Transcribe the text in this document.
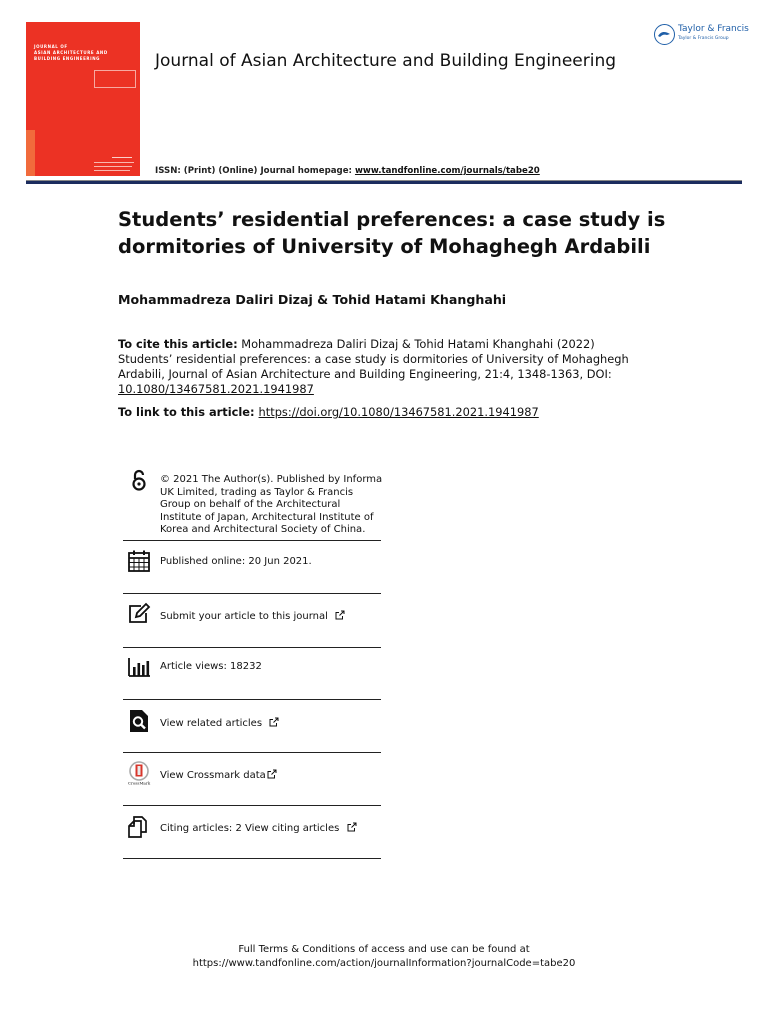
JOURNAL OF
ASIAN ARCHITECTURE AND
BUILDING ENGINEERING	Journal of Asian Architecture and Building Engineering
Taylor & Francis
Taylor & Francis Group
ISSN: (Print) (Online) Journal homepage: www.tandfonline.com/journals/tabe20
Students’ residential preferences: a case study is dormitories of University of Mohaghegh Ardabili
Mohammadreza Daliri Dizaj & Tohid Hatami Khanghahi
To cite this article: Mohammadreza Daliri Dizaj & Tohid Hatami Khanghahi (2022) Students’ residential preferences: a case study is dormitories of University of Mohaghegh Ardabili, Journal of Asian Architecture and Building Engineering, 21:4, 1348-1363, DOI: 10.1080/13467581.2021.1941987
To link to this article: https://doi.org/10.1080/13467581.2021.1941987
© 2021 The Author(s). Published by Informa UK Limited, trading as Taylor & Francis Group on behalf of the Architectural Institute of Japan, Architectural Institute of Korea and Architectural Society of China.
Published online: 20 Jun 2021.
Submit your article to this journal
Article views: 18232
View related articles
CrossMark
View Crossmark data
Citing articles: 2 View citing articles
Full Terms & Conditions of access and use can be found at
https://www.tandfonline.com/action/journalInformation?journalCode=tabe20
